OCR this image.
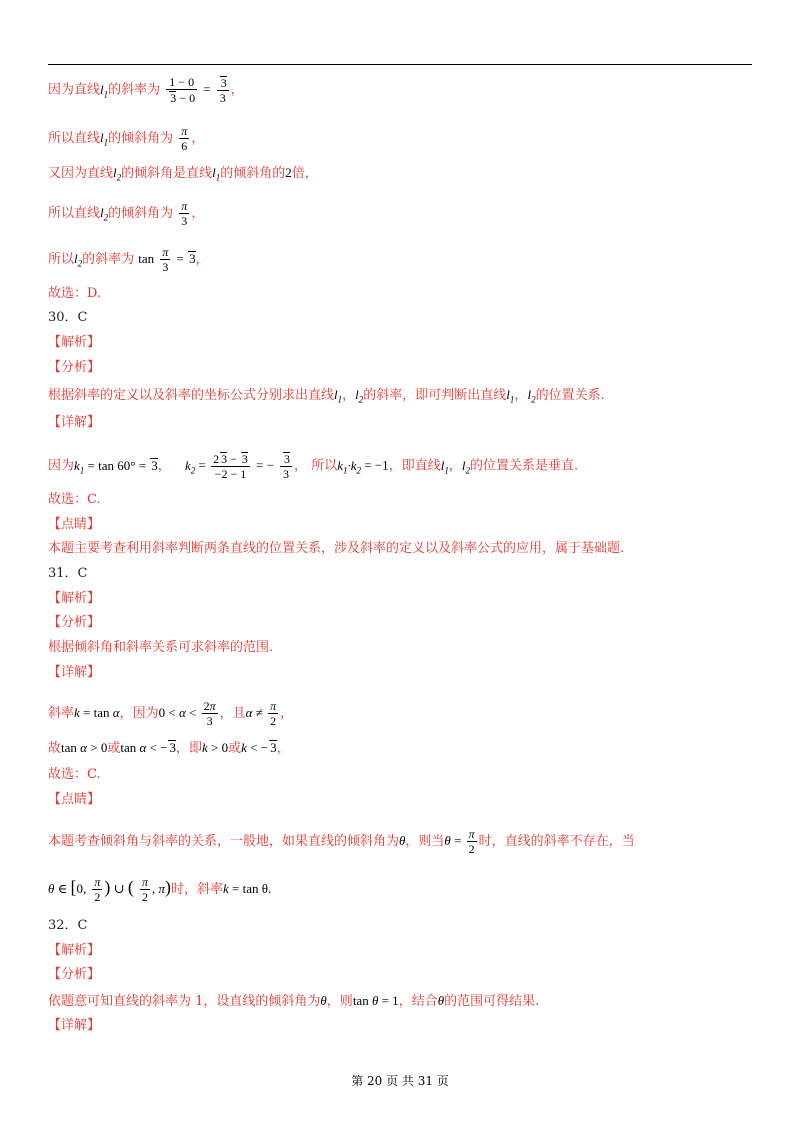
因为直线$l_1$的斜率为 $\frac{1 - 0}{3 - 0} = \frac{3}{3}$ ，
所以直线$l_1$的倾斜角为 $\frac{\pi}{6}$ ，
又因为直线$l_2$的倾斜角是直线$l_1$的倾斜角的2倍，
所以直线$l_2$的倾斜角为 $\frac{\pi}{3}$ ，
所以$l_2$的斜率为 $\tan \frac{\pi}{3} = 3$，
故选：D.
30．C
【解析】
【分析】
根据斜率的定义以及斜率的坐标公式分别求出直线$l_1$，$l_2$的斜率，即可判断出直线$l_1$，$l_2$的位置关系.
【详解】
因为$k_1 = \tan 60^\circ = 3$， $k_2 = \frac{2 3 - 3}{-2 - 1}$ = − $\frac{3}{3}$ ， 所以$k_1\cdot k_2 = -1$，即直线$l_1$，$l_2$的位置关系是垂直.
故选：C.
【点睛】
本题主要考查利用斜率判断两条直线的位置关系，涉及斜率的定义以及斜率公式的应用，属于基础题.
31．C
【解析】
【分析】
根据倾斜角和斜率关系可求斜率的范围.
【详解】
斜率k = tan α，因为$0 < \alpha < \frac{2\pi}{3}$ ，且$\alpha \ne \frac{\pi}{2}$ ，
故tan α > 0或tan α < − 3，即k > 0或k < − 3，
故选：C.
【点睛】
本题考查倾斜角与斜率的关系，一般地，如果直线的倾斜角为θ，则当$\theta = \frac{\pi}{2}$ 时，直线的斜率不存在，当
θ ∈ [0, $\frac{\pi}{2}$ ) ∪ ( $\frac{\pi}{2}$ , π)时，斜率k = tan θ.
32．C
【解析】
【分析】
依题意可知直线的斜率为 1，设直线的倾斜角为θ，则tan θ = 1，结合θ的范围可得结果.
【详解】
第 20 页 共 31 页
